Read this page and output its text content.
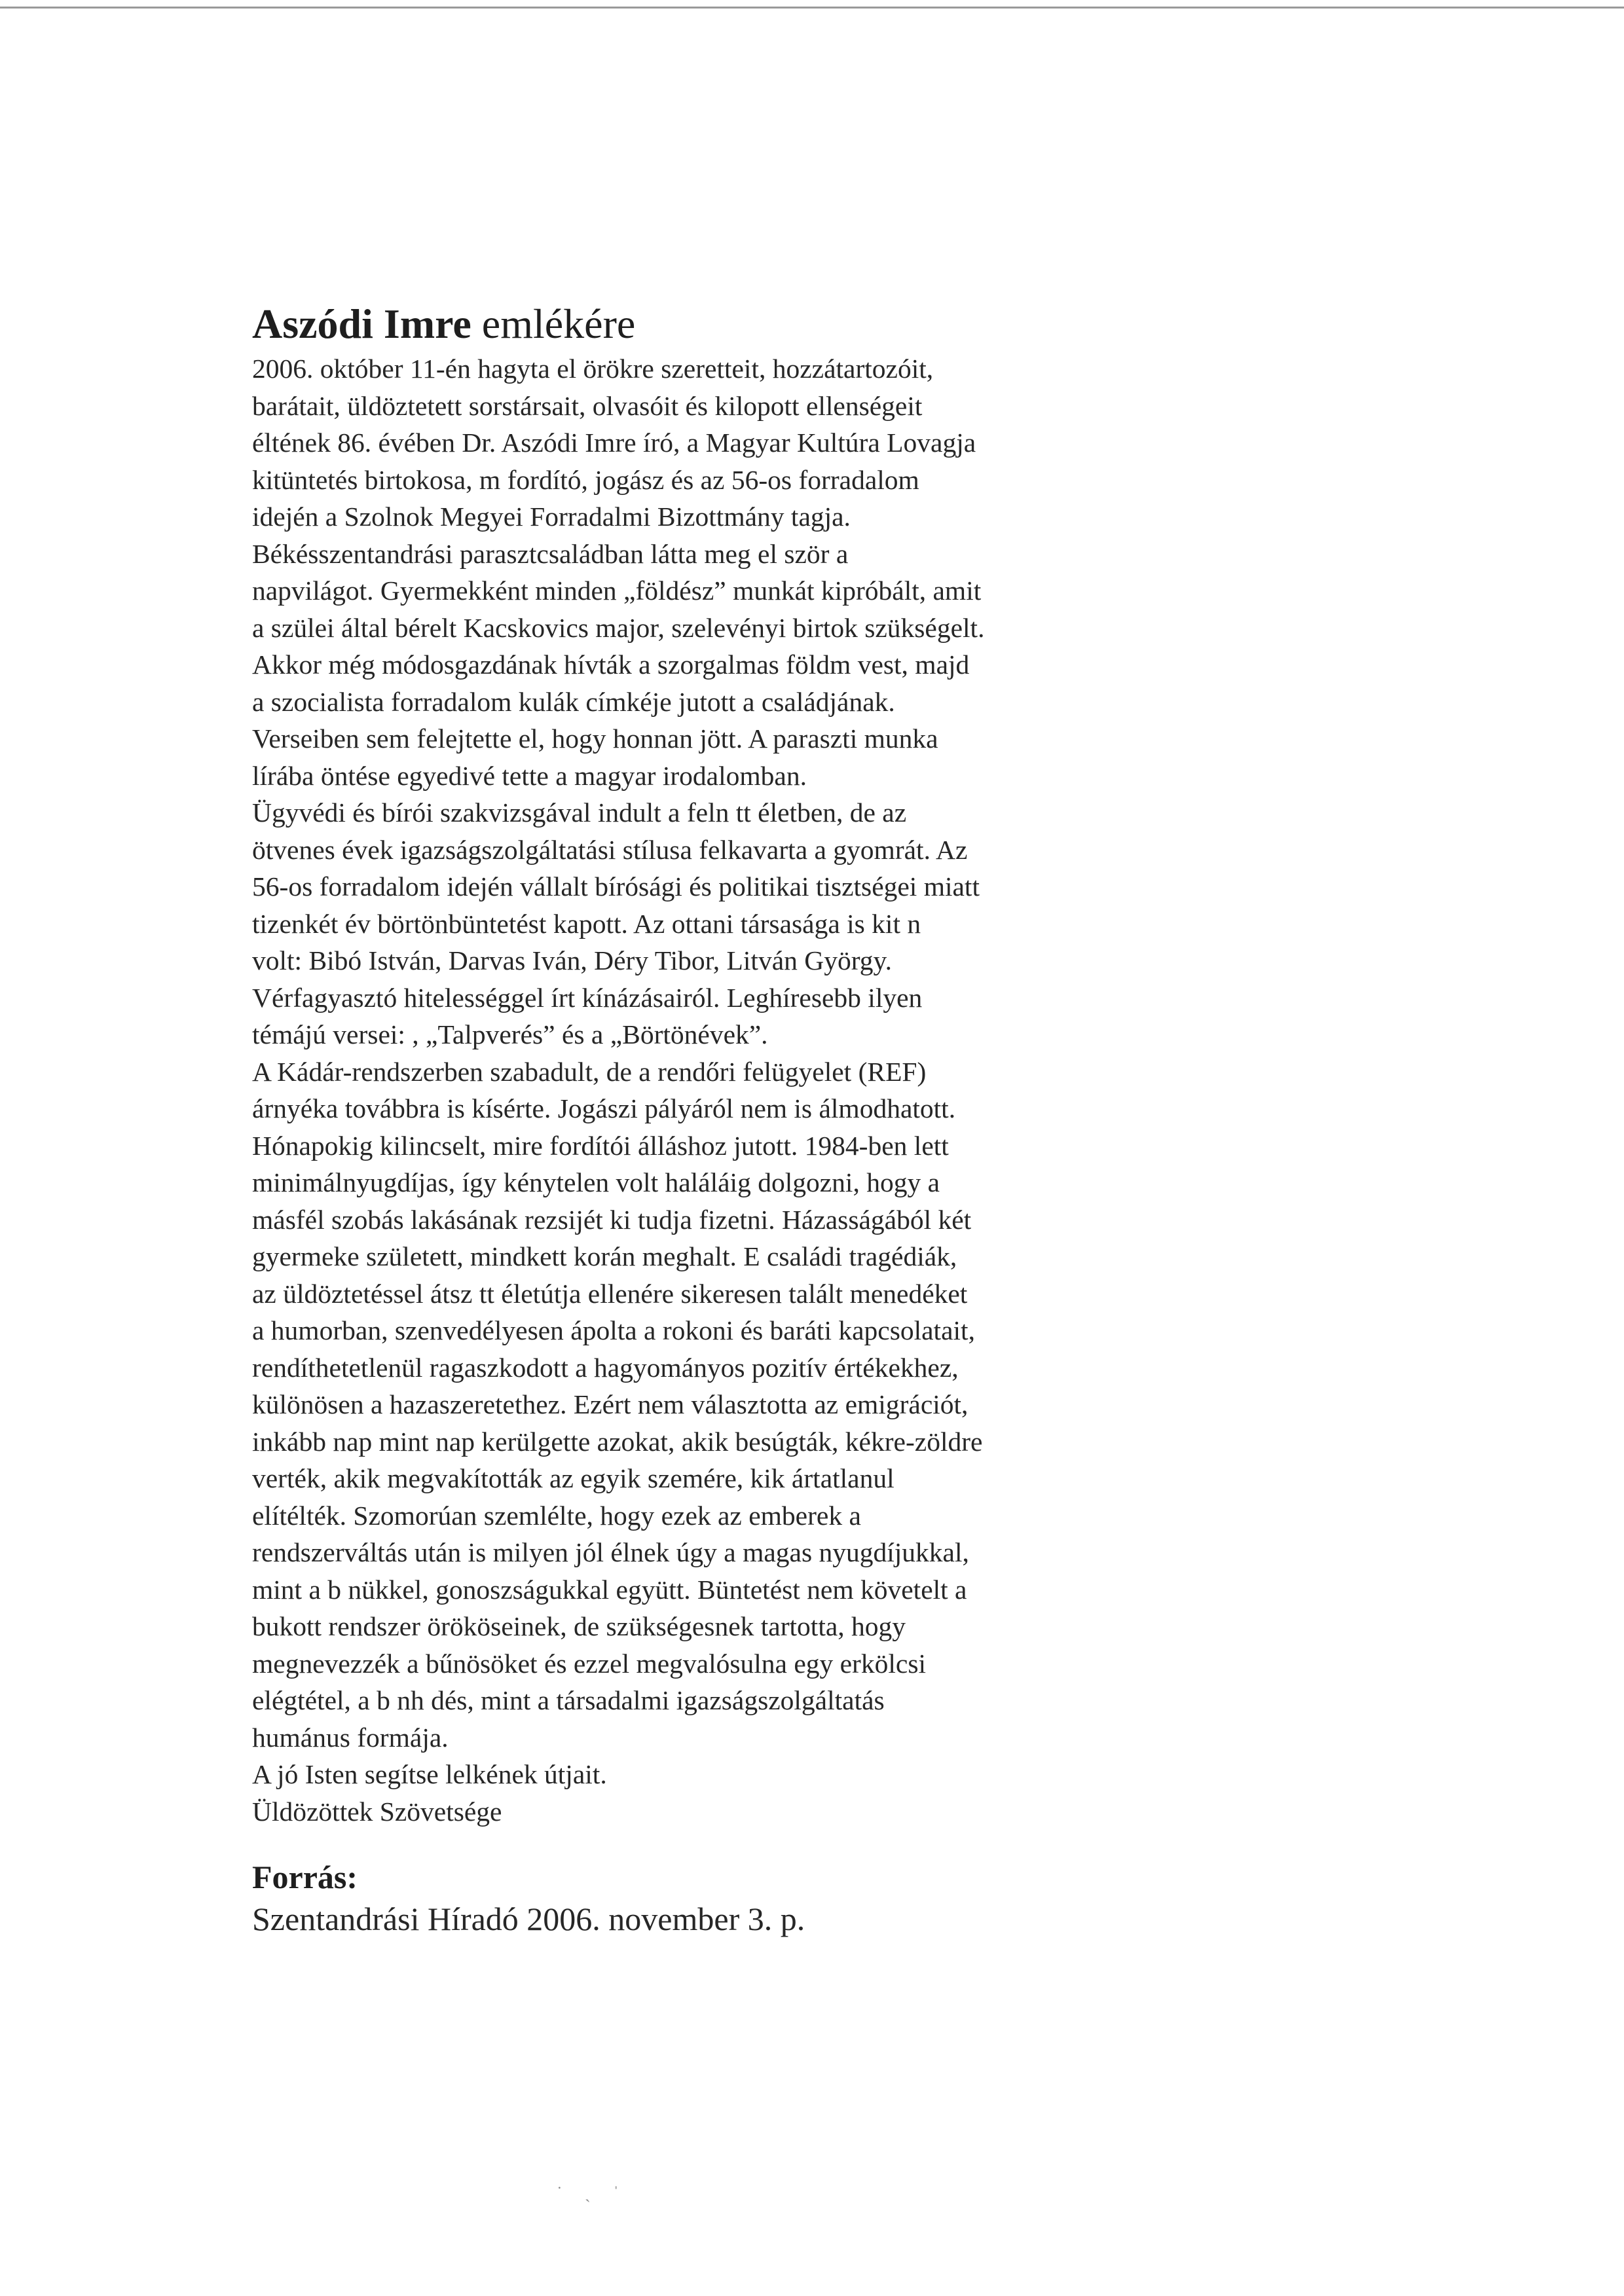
Aszódi Imre emlékére
2006. október 11-én hagyta el örökre szeretteit, hozzátartozóit,
barátait, üldöztetett sorstársait, olvasóit és kilopott ellenségeit
éltének 86. évében Dr. Aszódi Imre író, a Magyar Kultúra Lovagja
kitüntetés birtokosa, m fordító, jogász és az 56-os forradalom
idején a Szolnok Megyei Forradalmi Bizottmány tagja.
Békésszentandrási parasztcsaládban látta meg el ször a
napvilágot. Gyermekként minden „földész” munkát kipróbált, amit
a szülei által bérelt Kacskovics major, szelevényi birtok szükségelt.
Akkor még módosgazdának hívták a szorgalmas földm vest, majd
a szocialista forradalom kulák címkéje jutott a családjának.
Verseiben sem felejtette el, hogy honnan jött. A paraszti munka
lírába öntése egyedivé tette a magyar irodalomban.
Ügyvédi és bírói szakvizsgával indult a feln tt életben, de az
ötvenes évek igazságszolgáltatási stílusa felkavarta a gyomrát. Az
56-os forradalom idején vállalt bírósági és politikai tisztségei miatt
tizenkét év börtönbüntetést kapott. Az ottani társasága is kit n
volt: Bibó István, Darvas Iván, Déry Tibor, Litván György.
Vérfagyasztó hitelességgel írt kínázásairól. Leghíresebb ilyen
témájú versei: , „Talpverés” és a „Börtönévek”.
A Kádár-rendszerben szabadult, de a rendőri felügyelet (REF)
árnyéka továbbra is kísérte. Jogászi pályáról nem is álmodhatott.
Hónapokig kilincselt, mire fordítói álláshoz jutott. 1984-ben lett
minimálnyugdíjas, így kénytelen volt haláláig dolgozni, hogy a
másfél szobás lakásának rezsijét ki tudja fizetni. Házasságából két
gyermeke született, mindkett korán meghalt. E családi tragédiák,
az üldöztetéssel átsz tt életútja ellenére sikeresen talált menedéket
a humorban, szenvedélyesen ápolta a rokoni és baráti kapcsolatait,
rendíthetetlenül ragaszkodott a hagyományos pozitív értékekhez,
különösen a hazaszeretethez. Ezért nem választotta az emigrációt,
inkább nap mint nap kerülgette azokat, akik besúgták, kékre-zöldre
verték, akik megvakították az egyik szemére, kik ártatlanul
elítélték. Szomorúan szemlélte, hogy ezek az emberek a
rendszerváltás után is milyen jól élnek úgy a magas nyugdíjukkal,
mint a b nükkel, gonoszságukkal együtt. Büntetést nem követelt a
bukott rendszer örököseinek, de szükségesnek tartotta, hogy
megnevezzék a bűnösöket és ezzel megvalósulna egy erkölcsi
elégtétel, a b nh dés, mint a társadalmi igazságszolgáltatás
humánus formája.
A jó Isten segítse lelkének útjait.
Üldözöttek Szövetsége
Forrás:
Szentandrási Híradó 2006. november 3. p.
˙ ˏ ˈ
